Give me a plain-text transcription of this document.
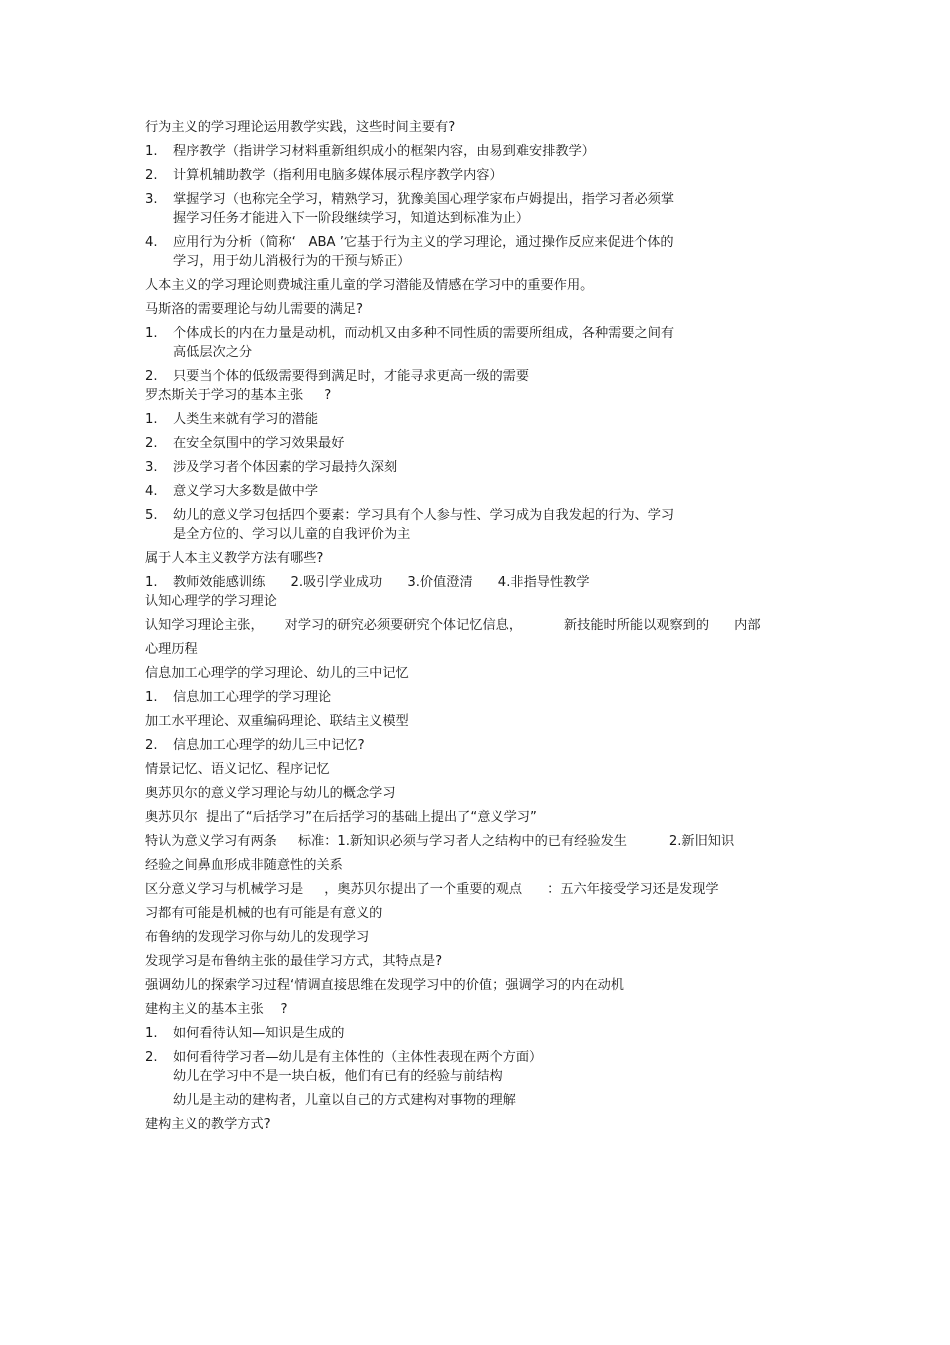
行为主义的学习理论运用教学实践，这些时间主要有?

1. 程序教学（指讲学习材料重新组织成小的框架内容，由易到难安排教学）
2. 计算机辅助教学（指利用电脑多媒体展示程序教学内容）
3. 掌握学习（也称完全学习，精熟学习，犹豫美国心理学家布卢姆提出，指学习者必须掌

握学习任务才能进入下一阶段继续学习，知道达到标准为止）

4. 应用行为分析（简称‘   ABA ’它基于行为主义的学习理论，通过操作反应来促进个体的

学习，用于幼儿消极行为的干预与矫正）

人本主义的学习理论则费城注重儿童的学习潜能及情感在学习中的重要作用。

马斯洛的需要理论与幼儿需要的满足?

1. 个体成长的内在力量是动机，而动机又由多种不同性质的需要所组成，各种需要之间有

高低层次之分

2. 只要当个体的低级需要得到满足时，才能寻求更高一级的需要

罗杰斯关于学习的基本主张     ?

1. 人类生来就有学习的潜能
2. 在安全氛围中的学习效果最好
3. 涉及学习者个体因素的学习最持久深刻
4. 意义学习大多数是做中学
5. 幼儿的意义学习包括四个要素：学习具有个人参与性、学习成为自我发起的行为、学习

是全方位的、学习以儿童的自我评价为主

属于人本主义教学方法有哪些?

1. 教师效能感训练      2.吸引学业成功      3.价值澄清      4.非指导性教学

认知心理学的学习理论

认知学习理论主张，     对学习的研究必须要研究个体记忆信息，          新技能时所能以观察到的      内部

心理历程

信息加工心理学的学习理论、幼儿的三中记忆

1. 信息加工心理学的学习理论

加工水平理论、双重编码理论、联结主义模型

2. 信息加工心理学的幼儿三中记忆?

情景记忆、语义记忆、程序记忆

奥苏贝尔的意义学习理论与幼儿的概念学习

奥苏贝尔  提出了“后括学习”在后括学习的基础上提出了“意义学习”

特认为意义学习有两条     标准：1.新知识必须与学习者人之结构中的已有经验发生          2.新旧知识

经验之间鼻血形成非随意性的关系

区分意义学习与机械学习是     ，奥苏贝尔提出了一个重要的观点      ：五六年接受学习还是发现学

习都有可能是机械的也有可能是有意义的

布鲁纳的发现学习你与幼儿的发现学习

发现学习是布鲁纳主张的最佳学习方式，其特点是?

强调幼儿的探索学习过程‘情调直接思维在发现学习中的价值；强调学习的内在动机

建构主义的基本主张    ?

1. 如何看待认知—知识是生成的
2. 如何看待学习者—幼儿是有主体性的（主体性表现在两个方面）

幼儿在学习中不是一块白板，他们有已有的经验与前结构

幼儿是主动的建构者，儿童以自己的方式建构对事物的理解

建构主义的教学方式?
